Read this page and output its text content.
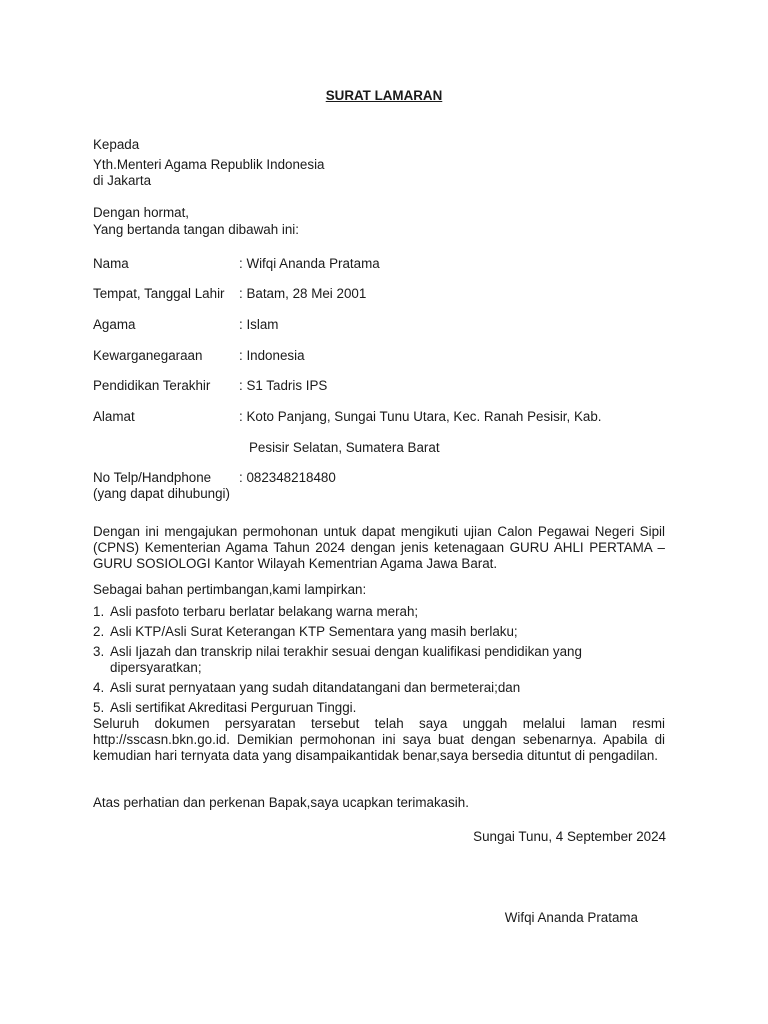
SURAT LAMARAN
Kepada
Yth.Menteri Agama Republik Indonesia
di Jakarta
Dengan hormat,
Yang bertanda tangan dibawah ini:
Nama	: Wifqi Ananda Pratama
Tempat, Tanggal Lahir : Batam, 28 Mei 2001
Agama	: Islam
Kewarganegaraan	: Indonesia
Pendidikan Terakhir : S1 Tadris IPS
Alamat	: Koto Panjang, Sungai Tunu Utara, Kec. Ranah Pesisir, Kab.
Pesisir Selatan, Sumatera Barat
No Telp/Handphone : 082348218480
(yang dapat dihubungi)
Dengan ini mengajukan permohonan untuk dapat mengikuti ujian Calon Pegawai Negeri Sipil (CPNS) Kementerian Agama Tahun 2024 dengan jenis ketenagaan GURU AHLI PERTAMA – GURU SOSIOLOGI Kantor Wilayah Kementrian Agama Jawa Barat.
Sebagai bahan pertimbangan,kami lampirkan:
1. Asli pasfoto terbaru berlatar belakang warna merah;
2. Asli KTP/Asli Surat Keterangan KTP Sementara yang masih berlaku;
3. Asli Ijazah dan transkrip nilai terakhir sesuai dengan kualifikasi pendidikan yang dipersyaratkan;
4. Asli surat pernyataan yang sudah ditandatangani dan bermeterai;dan
5. Asli sertifikat Akreditasi Perguruan Tinggi.
Seluruh dokumen persyaratan tersebut telah saya unggah melalui laman resmi http://sscasn.bkn.go.id. Demikian permohonan ini saya buat dengan sebenarnya. Apabila di kemudian hari ternyata data yang disampaikantidak benar,saya bersedia dituntut di pengadilan.
Atas perhatian dan perkenan Bapak,saya ucapkan terimakasih.
Sungai Tunu, 4 September 2024
Wifqi Ananda Pratama
